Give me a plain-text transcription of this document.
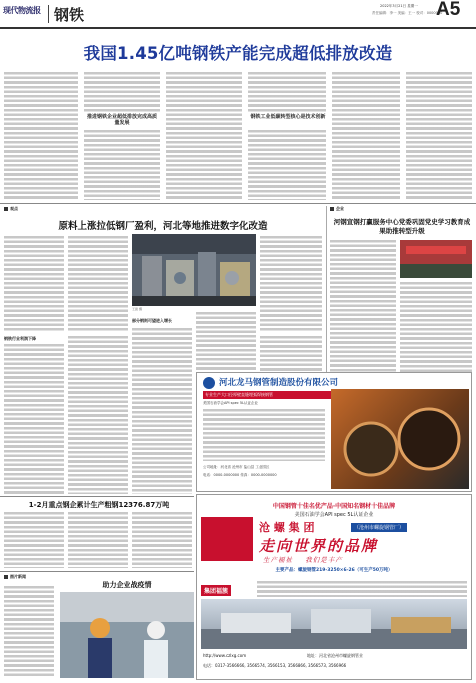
现代物流报 钢铁	2022年3月21日 星期一
责任编辑：李一 美编：王一 校对：0000000
A5
我国1.45亿吨钢铁产能完成超低排放改造
推进钢铁企业超低排放完成高质量发展
钢铁工业低碳转型核心是技术创新
观点
原料上涨拉低钢厂盈利，河北等地推进数字化改造
王振 摄
钢铁行业利润下降
部分钢则可望进入增长
企业
河钢宣钢打赢服务中心党委巩固党史学习教育成果助推转型升级
河北龙马钢管制造股份有限公司
专业生产大口径厚壁直缝埋弧焊接钢管
美国石油学会API spec 5L认证企业
公司地址：河北省 沧州市 盐山县 工业园区
电话：0000-0000000 传真：0000-0000000
1-2月重点钢企累计生产粗钢12376.87万吨
图片新闻
助力企业战疫情
中国钢管十佳名优产品·中国知名钢材十佳品牌
美国石油学会API spec 5L认证企业
沧 螺 集 团	（沧州市螺旋钢管厂）
走向世界的品牌
生产福祉    我们是丰产
主要产品：螺旋钢管219-3250×6-26（可生产50万吨）
集团福簇
http://www.czlxg.com	地址：河北省沧州市螺旋钢管业
电话：0317-3566666, 3566574, 3566153, 3566866, 3566573, 3566966
